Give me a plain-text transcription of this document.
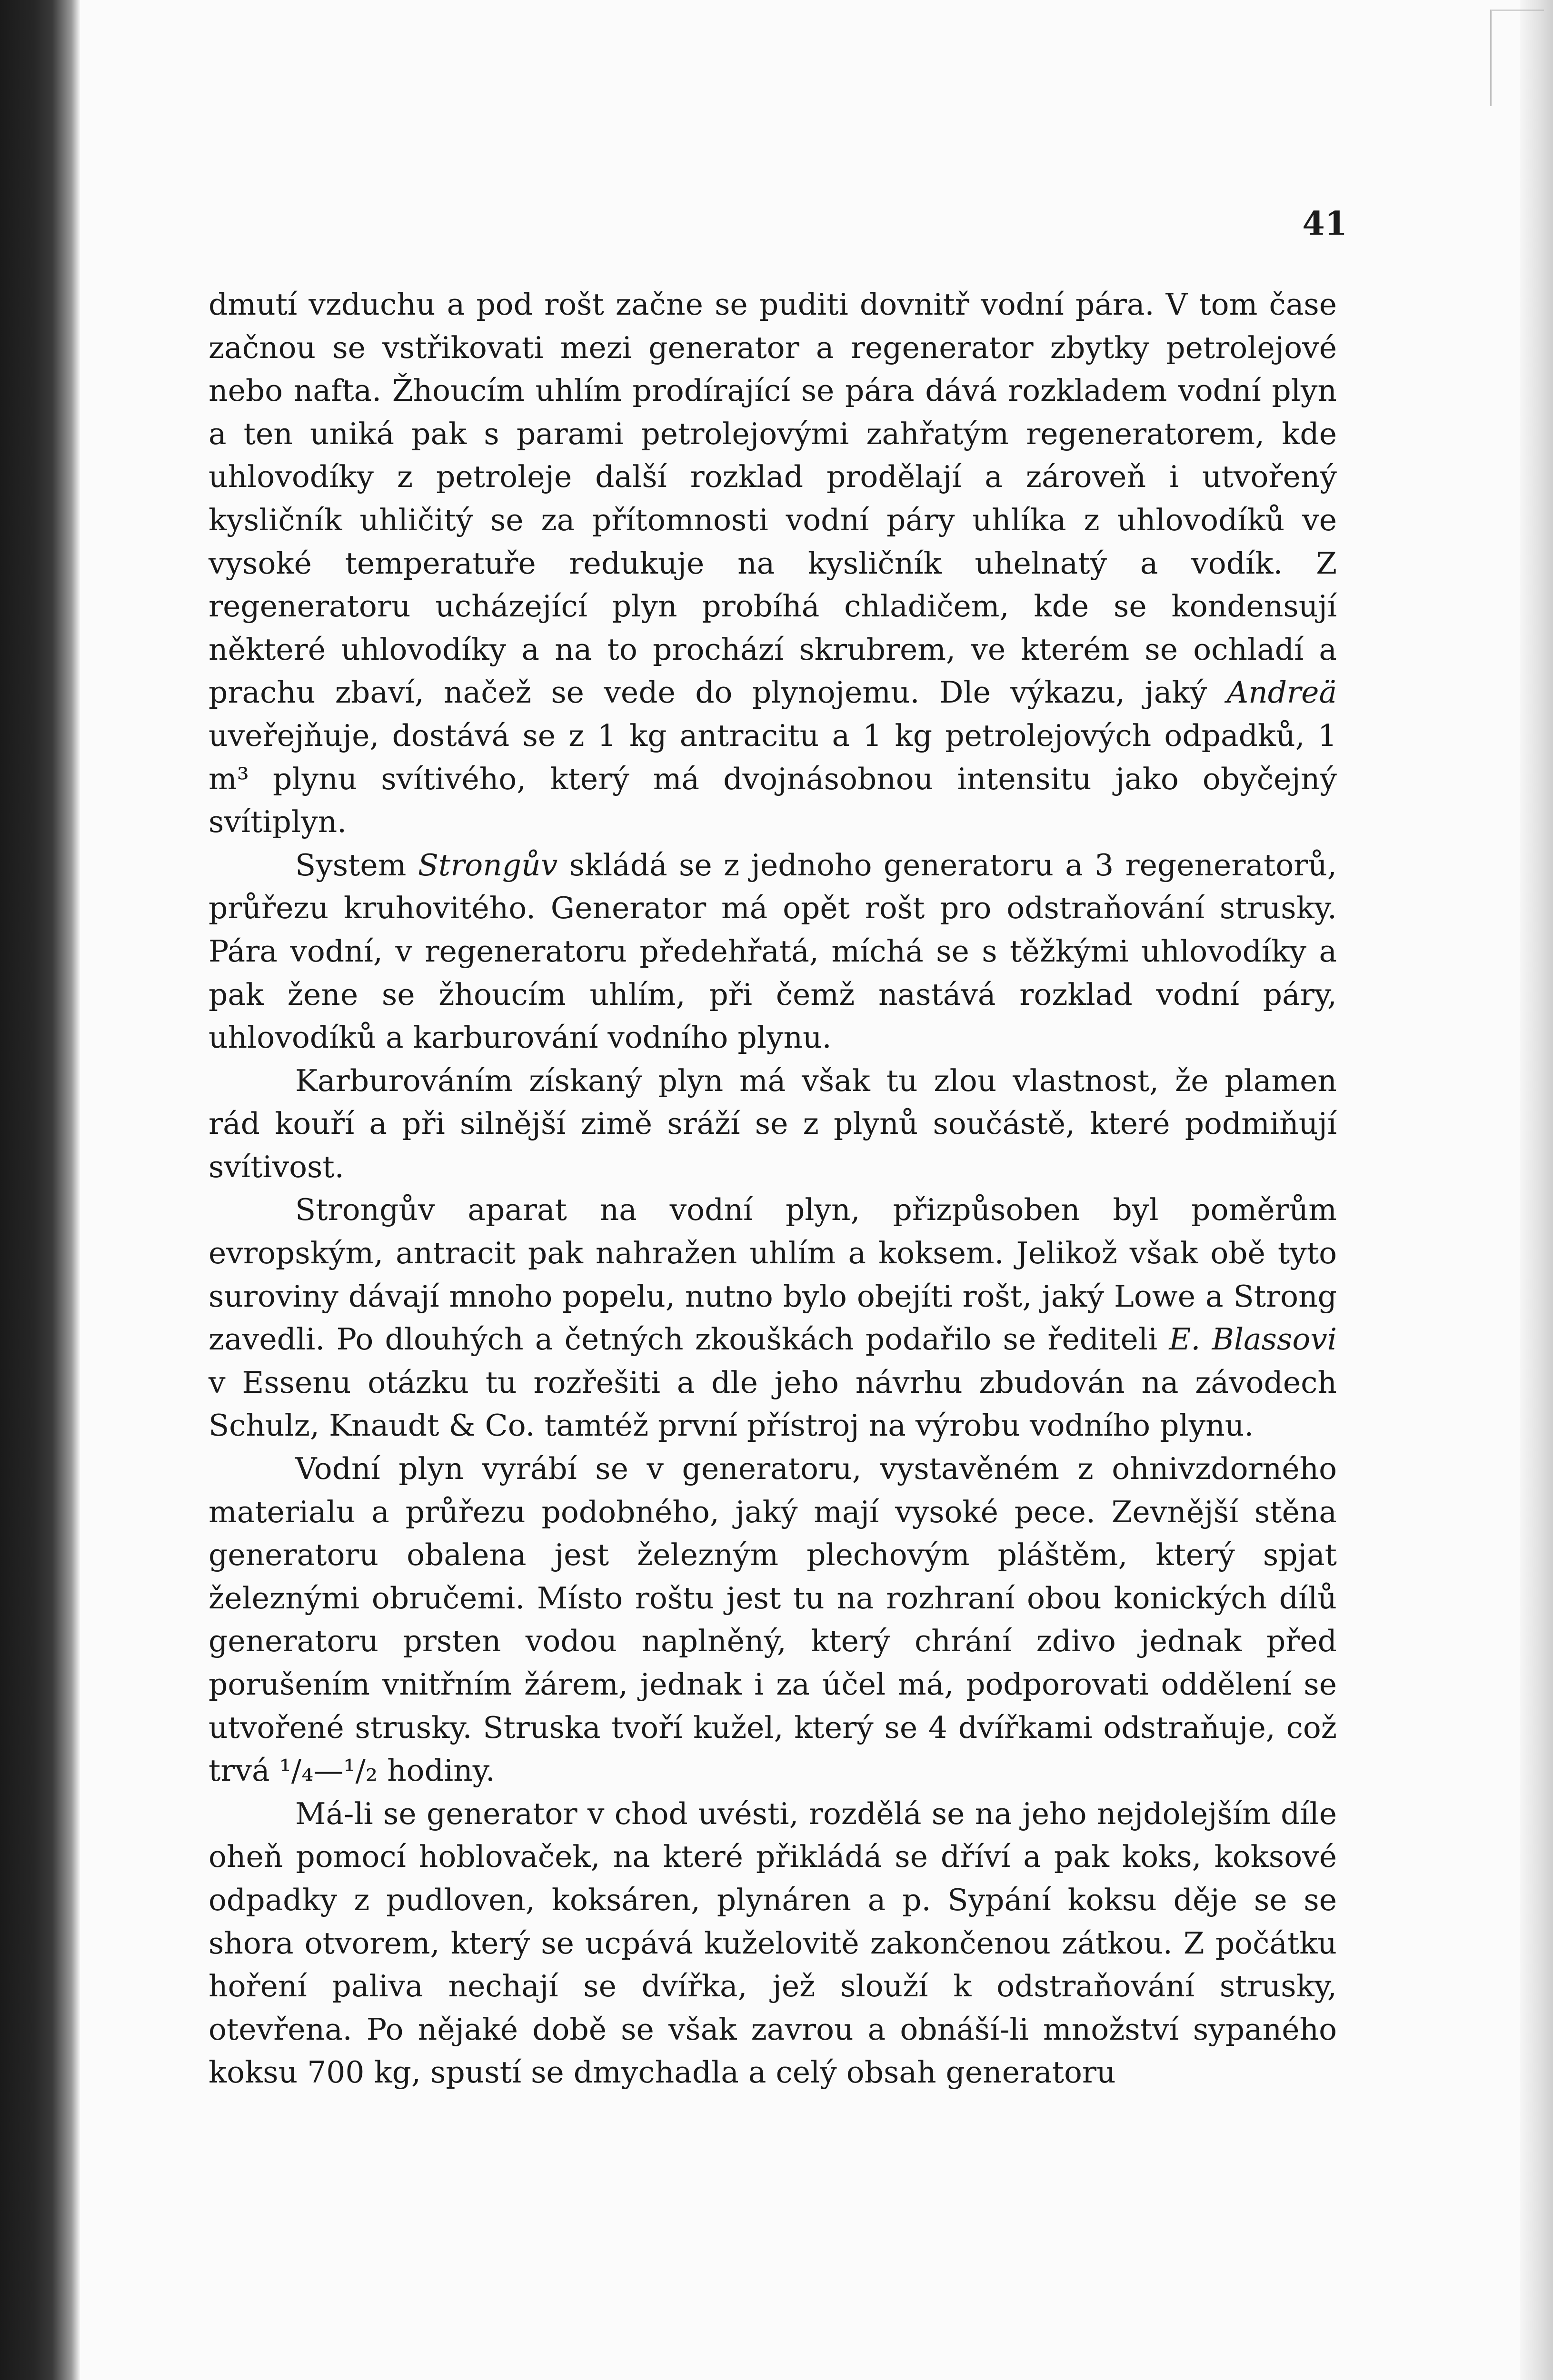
41

dmutí vzduchu a pod rošt začne se puditi dovnitř vodní pára. V tom čase začnou se vstřikovati mezi generator a regenerator zbytky petrolejové nebo nafta. Žhoucím uhlím prodírající se pára dává rozkladem vodní plyn a ten uniká pak s parami petrolejovými zahřatým regeneratorem, kde uhlovodíky z petroleje další rozklad prodělají a zároveň i utvořený kysličník uhličitý se za přítomnosti vodní páry uhlíka z uhlovodíků ve vysoké temperatuře redukuje na kysličník uhelnatý a vodík. Z regeneratoru ucházející plyn probíhá chladičem, kde se kondensují některé uhlovodíky a na to prochází skrubrem, ve kterém se ochladí a prachu zbaví, načež se vede do plynojemu. Dle výkazu, jaký Andreä uveřejňuje, dostává se z 1 kg antracitu a 1 kg petrolejových odpadků, 1 m³ plynu svítivého, který má dvojnásobnou intensitu jako obyčejný svítiplyn.

System Strongův skládá se z jednoho generatoru a 3 regeneratorů, průřezu kruhovitého. Generator má opět rošt pro odstraňování strusky. Pára vodní, v regeneratoru předehřatá, míchá se s těžkými uhlovodíky a pak žene se žhoucím uhlím, při čemž nastává rozklad vodní páry, uhlovodíků a karburování vodního plynu.

Karburováním získaný plyn má však tu zlou vlastnost, že plamen rád kouří a při silnější zimě sráží se z plynů součástě, které podmiňují svítivost.

Strongův aparat na vodní plyn, přizpůsoben byl poměrům evropským, antracit pak nahražen uhlím a koksem. Jelikož však obě tyto suroviny dávají mnoho popelu, nutno bylo obejíti rošt, jaký Lowe a Strong zavedli. Po dlouhých a četných zkouškách podařilo se řediteli E. Blassovi v Essenu otázku tu rozřešiti a dle jeho návrhu zbudován na závodech Schulz, Knaudt & Co. tamtéž první přístroj na výrobu vodního plynu.

Vodní plyn vyrábí se v generatoru, vystavěném z ohnivzdorného materialu a průřezu podobného, jaký mají vysoké pece. Zevnější stěna generatoru obalena jest železným plechovým pláštěm, který spjat železnými obručemi. Místo roštu jest tu na rozhraní obou konických dílů generatoru prsten vodou naplněný, který chrání zdivo jednak před porušením vnitřním žárem, jednak i za účel má, podporovati oddělení se utvořené strusky. Struska tvoří kužel, který se 4 dvířkami odstraňuje, což trvá ¹/₄—¹/₂ hodiny.

Má-li se generator v chod uvésti, rozdělá se na jeho nejdolejším díle oheň pomocí hoblovaček, na které přikládá se dříví a pak koks, koksové odpadky z pudloven, koksáren, plynáren a p. Sypání koksu děje se se shora otvorem, který se ucpává kuželovitě zakončenou zátkou. Z počátku hoření paliva nechají se dvířka, jež slouží k odstraňování strusky, otevřena. Po nějaké době se však zavrou a obnáší-li množství sypaného koksu 700 kg, spustí se dmychadla a celý obsah generatoru
